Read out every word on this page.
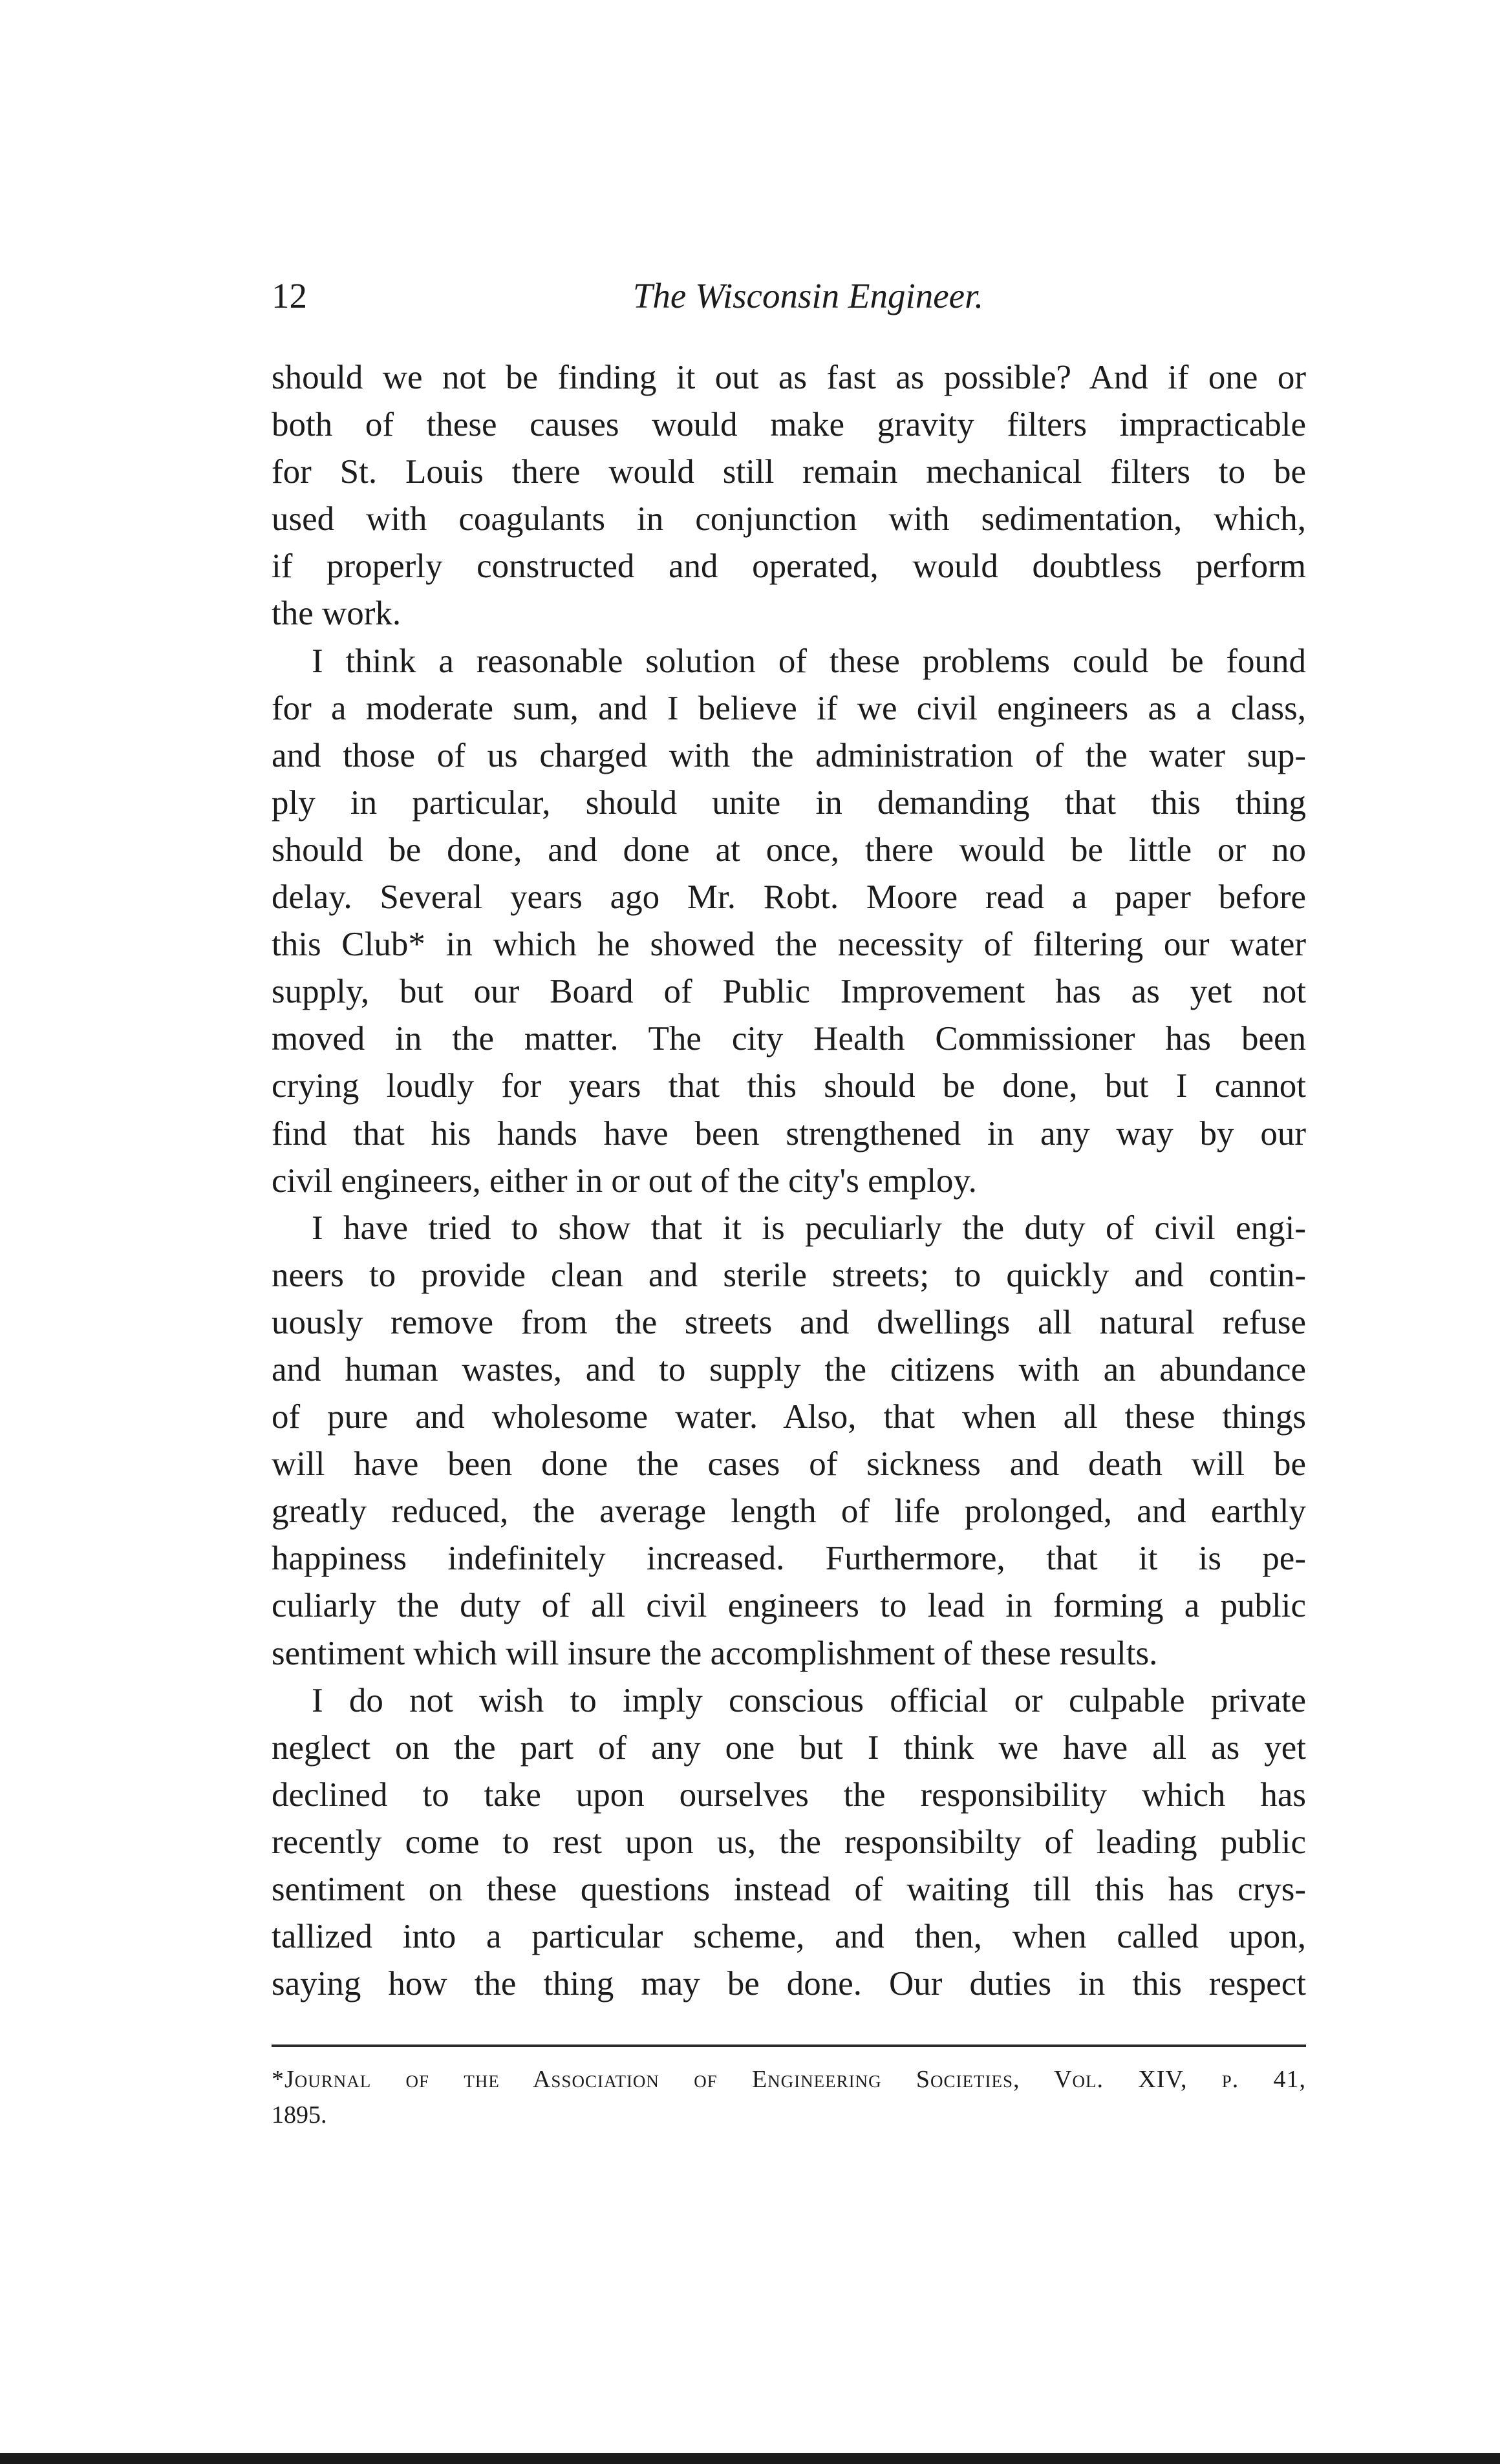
12	The Wisconsin Engineer.
should we not be finding it out as fast as possible? And if one or
both of these causes would make gravity filters impracticable
for St. Louis there would still remain mechanical filters to be
used with coagulants in conjunction with sedimentation, which,
if properly constructed and operated, would doubtless perform
the work.
I think a reasonable solution of these problems could be found
for a moderate sum, and I believe if we civil engineers as a class,
and those of us charged with the administration of the water sup-
ply in particular, should unite in demanding that this thing
should be done, and done at once, there would be little or no
delay. Several years ago Mr. Robt. Moore read a paper before
this Club* in which he showed the necessity of filtering our water
supply, but our Board of Public Improvement has as yet not
moved in the matter. The city Health Commissioner has been
crying loudly for years that this should be done, but I cannot
find that his hands have been strengthened in any way by our
civil engineers, either in or out of the city's employ.
I have tried to show that it is peculiarly the duty of civil engi-
neers to provide clean and sterile streets; to quickly and contin-
uously remove from the streets and dwellings all natural refuse
and human wastes, and to supply the citizens with an abundance
of pure and wholesome water. Also, that when all these things
will have been done the cases of sickness and death will be
greatly reduced, the average length of life prolonged, and earthly
happiness indefinitely increased. Furthermore, that it is pe-
culiarly the duty of all civil engineers to lead in forming a public
sentiment which will insure the accomplishment of these results.
I do not wish to imply conscious official or culpable private
neglect on the part of any one but I think we have all as yet
declined to take upon ourselves the responsibility which has
recently come to rest upon us, the responsibilty of leading public
sentiment on these questions instead of waiting till this has crys-
tallized into a particular scheme, and then, when called upon,
saying how the thing may be done. Our duties in this respect
*Journal of the Association of Engineering Societies, Vol. XIV, p. 41,
1895.
